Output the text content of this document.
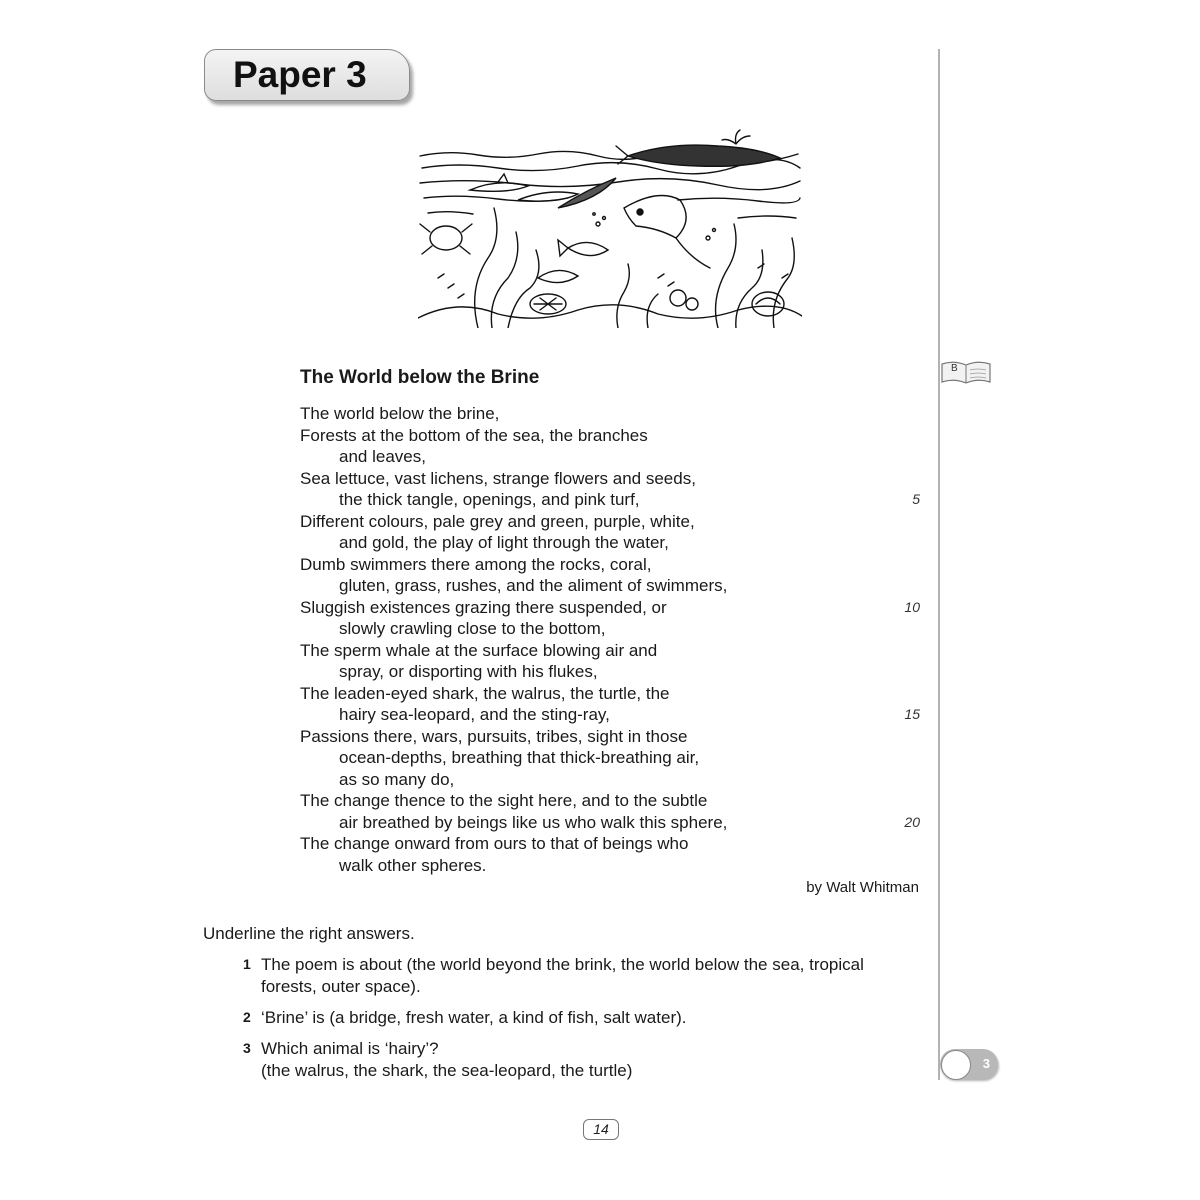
Paper 3
B
The World below the Brine
The world below the brine,
Forests at the bottom of the sea, the branches
and leaves,
Sea lettuce, vast lichens, strange flowers and seeds,
the thick tangle, openings, and pink turf,	5
Different colours, pale grey and green, purple, white,
and gold, the play of light through the water,
Dumb swimmers there among the rocks, coral,
gluten, grass, rushes, and the aliment of swimmers,
Sluggish existences grazing there suspended, or	10
slowly crawling close to the bottom,
The sperm whale at the surface blowing air and
spray, or disporting with his flukes,
The leaden-eyed shark, the walrus, the turtle, the
hairy sea-leopard, and the sting-ray,	15
Passions there, wars, pursuits, tribes, sight in those
ocean-depths, breathing that thick-breathing air,
as so many do,
The change thence to the sight here, and to the subtle
air breathed by beings like us who walk this sphere,	20
The change onward from ours to that of beings who
walk other spheres.
by Walt Whitman
Underline the right answers.
1 The poem is about (the world beyond the brink, the world below the sea, tropical
forests, outer space).
2 ‘Brine’ is (a bridge, fresh water, a kind of fish, salt water).
3 Which animal is ‘hairy’?
(the walrus, the shark, the sea-leopard, the turtle)	3
14
